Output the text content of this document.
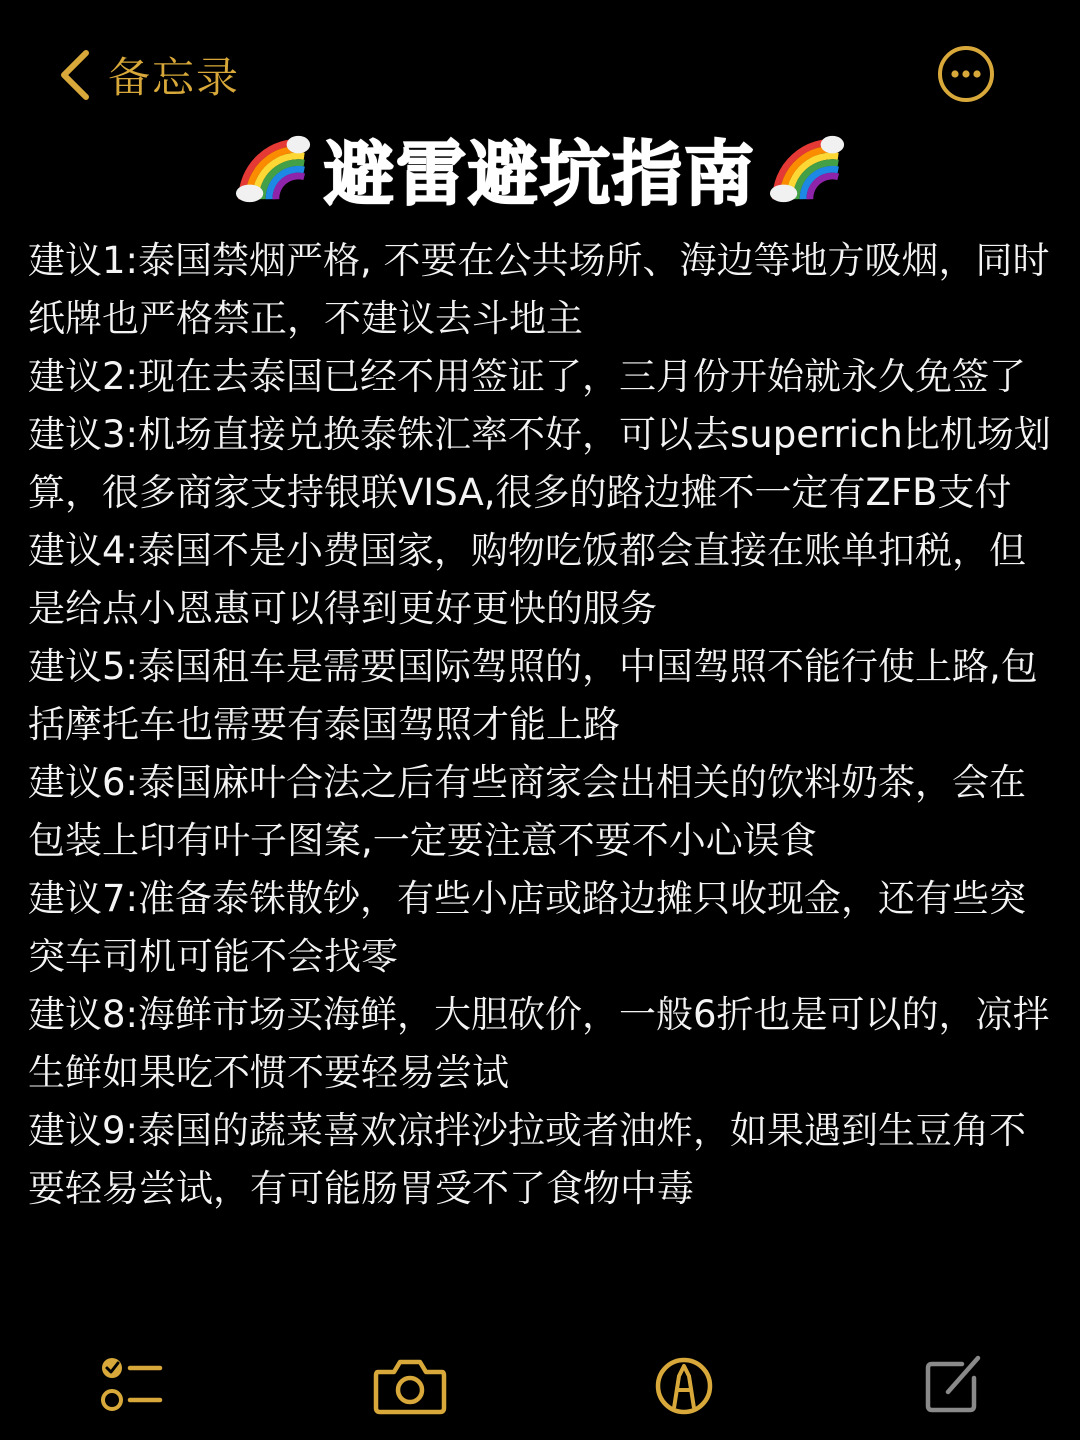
备忘录
避雷避坑指南

建议1:泰国禁烟严格, 不要在公共场所、海边等地方吸烟，同时纸牌也严格禁正，不建议去斗地主

建议2:现在去泰国已经不用签证了，三月份开始就永久免签了

建议3:机场直接兑换泰铢汇率不好，可以去superrich比机场划算，很多商家支持银联VISA,很多的路边摊不一定有ZFB支付

建议4:泰国不是小费国家，购物吃饭都会直接在账单扣税，但是给点小恩惠可以得到更好更快的服务

建议5:泰国租车是需要国际驾照的，中国驾照不能行使上路,包括摩托车也需要有泰国驾照才能上路

建议6:泰国麻叶合法之后有些商家会出相关的饮料奶茶，会在包装上印有叶子图案,一定要注意不要不小心误食

建议7:准备泰铢散钞，有些小店或路边摊只收现金，还有些突突车司机可能不会找零

建议8:海鲜市场买海鲜，大胆砍价，一般6折也是可以的，凉拌生鲜如果吃不惯不要轻易尝试

建议9:泰国的蔬菜喜欢凉拌沙拉或者油炸，如果遇到生豆角不要轻易尝试，有可能肠胃受不了食物中毒
